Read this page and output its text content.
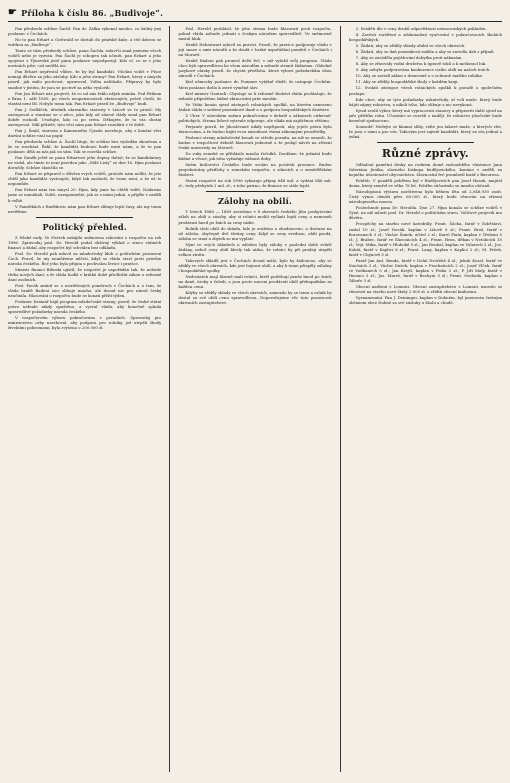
☛ Příloha k číslu 86. „Budivoje“.

Pan předseda schůze Šachl: Pan dr. Záťka vykonal mnoho, co žádný jiný poslanec v Čechách.

No to pan Erhart a Gottwald se dostali do pražské kaše, a též dobrou se vrátkou za „Budivoje“.

Tento se tázu předsedy schůze, pana Šachla, mluví-li snad jménem všech voličů nebo je vyzván. Pan Šachl je schopen tak učiniti, pan Erhart a jeho spojenci z Týnovská jistě pana poslance nepodporují. Kdo ví, co se v jeho novinách píše; což nedělá nic.

Pan Erhart nepřestal vůbec, že by byl kandidát. Všichni voliči v Písce nemají důvěru za jeho zásluhy. Kdo u jeho strany? Pan Erhart, který z úmyslu pravil, jak málo poctivost, upravoval. Volba nehlásila. Přípravy by bylo snadné v jistém, že jsou se poctivě za něho vyslovili.

Pan Jan Erhart nás projevil, že co od nás řeklo nějak zmínka. Pod Pátkem z Brna 1. září 1895, po všech neopatrnostech zkrácených, právě chvíli, že vlastní není lží. Nebylo tomu tak. Pan Erhart pravil že „Budivoje“ budí.

Pan J. Sedláček, úředník okresního starosty v Lišově se tu pravil: My zastupovat a staráme se o něco, jako kdy od slavné vlády snad pan Erhart dobře rozhodl. Uvažujte, kdo co po svém. Děkujete, že to vás chrání zastupovat. Milí přátelé, tyto věci nám pan Erhart rozebírá v té době.

Pan J. Šmíd, starosta z Kamenného Újezda navrhuje, aby z konání věci dnešní schůze vzal na papír.

Pan předseda schůze A. Šachl lituje, že schůze bez výsledku skončena a že se rozchází. Řekl, že kandidát budoucí bude mezi námi, a že to pan poslanec dělá za nás jak on sám. Tak se rozešla schůze.

Pan Daněk ještě se panu Erhartovi jeho dopisy doltal; že se kandidatury ne vzdal, ale tímto to není pravdou jako „Milé Listy“ ze dne 16. října poslanci doručily. Schůze skončila se.

Pan Erhart se připravil o důvěru svých voličů, protože nám nelíbí, že jste chtěl jako kandidát vystoupiti, když tak zaslouží, že tomu není, a že už to nepomůže.

Pan Erhart nám ten úmysl 20. října, kdy jsme ho chtěli vidět. Nadarmo jsme se namáhali. Voliči, nezapomeňte, jak se s námi jedná, a přijďte v neděli k volbě.

V Pamětkách z Buděňovic nám pan Erhart slibuje lepší časy, ale my tomu nevěříme.

Politický přehled.

Z říšské rady. Ve čtvrtek zahájila sněmovna rokování o rozpočtu na rok 1896. Zpravodaj posl. Dr. Herold podal obšírný výklad o stavu státních financí a žádal, aby rozpočet byl schválen bez odkladu.

Posl. Dr. Herold pak mluvil za mladočeský klub o politickém postavení Čech. Pravil, že my nemůžeme mlčeti, když se vláda staví proti právům národa českého. Řeč jeho byla přijata s pochvalou levice i pravice.

Ministr financí Bilinski ujistil, že rozpočet je uspořádán tak, že nebude třeba nových daní, a že vláda hodlá v krátké době předložiti zákon o reformě daní osobních.

Posl. Pacák zmínil se o neutěšených poměrech v Čechách a o tom, že vláda hrabě Badeni sice slibuje mnoho, ale dosud nic pro národ český neučinila. Hlasování o rozpočtu bude se konati příští týden.

Poslanec Kramář hájil program mladočeské strany; pravil, že české státní právo nebude nikdy opuštěno, a vyzval vládu, aby konečně splnila spravedlivé požadavky národa českého.

V rozpočtovém výboru pokračováno v poradách. Zpravodaj pro ministerstvo orby navrhoval, aby podpora pro rolníky, jež utrpěli škody živelními pohromami, byla zvýšena o 200.000 zl.

Posl. Herold prohlásil, že jeho strana bude hlasovati proti rozpočtu, pokud vláda nebude jednati s českým národem spravedlivě. Ve sněmovně nastal hluk.

Hrabě Hohenwart mluvil za pravici. Pravil, že pravice podporuje vládu v její snaze o smír národů a že doufá v brzké uspořádání poměrů v Čechách i na Moravě.

Hrabě Badeni pak pronesl delší řeč, v níž vyložil svůj program. Vláda chce býti spravedlivou ke všem národům a nebude stranit žádnému. Ohledně jazykové otázky pravil, že chystá předlohu, která vyhoví požadavkům obou národů v Čechách.

Kiel německý poslanec dr. Pommer vytýkal vládě, že ustupuje Čechům. Mezi poslanci došlo k ostré výměně slov.

Kiel ministr Gautsch: Chystaje se k reformě školství vláda prohlašuje, že nebude připuštěno žádné zkracování práv menšin.

Ve Vídni konán sjezd zástupců rolnických spolků, na kterém usneseno žádati vládu o snížení pozemkové daně a o podporu hospodářských družstev.

Z Uher. V uherském sněmu pokračováno v debatě o zákonech církevně-politických. Strana lidová vytrvale odporuje, ale vláda má zajištěnou většinu.

Ferjanče pravil, že Jihoslované nikdy nepřipustí, aby jejich práva byla zkracována, a že budou hájiti svou národnost všemi zákonnými prostředky.

Poslanci strany mladočeské konali ve středu poradu, na níž se usnesli, že budou v rozpočtové debatě hlasovati jednotně a že podají návrh na zřízení české univerzity na Moravě.

Do ruky zemské se přihlásilo mnoho řečníků. Doufáme, že jednání bude klidné a věcné, jak toho vyžaduje vážnost doby.

Sněm království Českého bude svolán na počátek prosince. Budou projednávány předlohy o zemském rozpočtu, o silnicích a o zemědělském školství.

Statní rozpočet na rok 1896 vykazuje příjmy 648 mil. a vydání 646 mil. zl., tedy přebytek 2 mil. zl.; z toho patrno, že finance se stále lepší.

Zálohy na obilí.

V letech 1888 — 1889 zavedeno v 8 okresích českého Jihu poskytování záloh na obilí a zásoby, aby si rolníci mohli vyčkati lepší ceny a nemuseli prodávati hned po žních za ceny nízké.

Rolník složí obilí do skladu, kde je zváženo a ohodnoceno, a dostane na ně zálohu, obyčejně dvě třetiny ceny. Když se ceny zvednou, obilí prodá, záloha se srazí a zbytek se mu vyplatí.

Nyní ve svých skladech u záložen byly zálohy v poslední době zvlášť žádány, neboť ceny obilí klesly tak nízko, že rolníci by při prodeji utrpěli velkou ztrátu.

Takových skladů jest v Čechách dosud málo; bylo by žádoucno, aby se zřídily ve všech okresích, kde jest hojnost obilí, a aby k tomu přispěly záložny i hospodářské spolky.

Nedostatek mají hlavně malí rolníci, kteří potřebují peněz hned po žních na daně, úroky a čeledi, a jsou proto nuceni prodávati obilí překupníkům za každou cenu.

Kdyby se zřídily sklady ve všech okresích, zamezilo by se tomu a rolník by dostal za své obilí cenu spravedlivou. Doporučujeme věc tuto pozornosti okresních zastupitelstev.

3. Sváděti dle v ceny druhů odpovědnost nemocenských pokladen.
4. Zavésti rozšíření a zdokonalení vyučování v pokračovacích školách hospodářských.
5. Žádati, aby se zřídily sklady obilní ve všech okresích.
6. Žádati, aby se daň pozemková snížila a aby se zavedla daň z příjmů.
7. Aby se zaváděla pojišťování dobytka proti nákazám.
8. Aby se zřizovaly vodní družstva k úpravě toků a k meliorací luk.
9. Aby nebyla podporována konkurence cizího obilí na našich trzích.
10. Aby se zavedl zákon o domovině a o ochraně malého rolníka.
11. Aby se zřídily hospodářské školy v každém kraji.
12. Svolati zástupce všech rolnických spolků k poradě o společném postupu.

Kdo chce, aby se tyto požadavky uskutečnily, ať volí muže, který bude hájiti zájmy rolnictva, a nikoli toho, kdo slibuje a nic nevykoná.

Sjezd zvolil výbor, který má vypracovati stanovy a připraviti další sjezd na jaře příštího roku. Účastníci se rozešli s nadějí, že rolnictvo jihočeské bude konečně sjednoceno.

Sousedé! Nedejte se klamat sliby, volte jen takové muže, o kterých víte, že jsou s vámi a pro vás. Takovým jest zajisté kandidát, který za vás jednal a jedná.

Různé zprávy.

Odhalení pamětní desky na rodném domě zasloužilého vlastence Jana Valeriána Jirsíka, slavného biskupa budějovického, konáno v neděli za hojného účastenství obyvatelstva. Slavnostní řeč promluvil farář z Bavorova.

Pohřeb. V pondělí pohřben byl v Budějovicích pan Josef Hasek, majitel domu, který zemřel ve věku 78 let. Pohřbu súčastnilo se mnoho občanů.

Národopisná výstava navštívena byla během léta od 2,048.930 osob. Čistý výnos obnáší přes 60.000 zl., který bude věnován na zřízení národopisného musea.

Poslechnutí pana Dr. Herolda. Dne 27. října konala se schůze voličů v Týně, na níž mluvil posl. Dr. Herold o politickém stavu. Voličové projevili mu důvěru.

Prospěchy na stavbu nové katedrály. Frant. Šácha, farář v Soběslavi, zaslal 10 zl.; Josef Novák, kaplan v Lišově 5 zl.; Frant. Brož, farář v Borovanech 3 zl.; Václav Šimek, učitel 2 zl.; Karel Fiala, kaplan v Třeboni 5 zl.; J. Brabec, farář ve Slavonicích 4 zl.; Frant. Hron, děkan v Netolicích 10 zl.; Vojt. Mika, farář v Hluboké 5 zl.; Jan Roubal, kaplan ve Volarech 2 zl.; Jos. Kubát, farář v Kaplici 6 zl.; Frant. Lang, kaplan v Kaplici 2 zl.; M. Pešek, farář v Chýnově 5 zl.

Farář Jan Ant. Benda, farář v Dolní Dvořiště 4 zl.; Jakub Kozel, farář ve Stachách 3 zl.; Václav Dušek, kaplan v Prachaticích 2 zl.; Josef Vlček, farář ve Vodňanech 5 zl.; Jan Krejčí, kaplan v Písku 2 zl.; P. Jiří Malý, farář v Husinci 3 zl.; Jos. Mareš, farář v Bechyni 5 zl.; Frant. Svoboda, kaplan v Táboře 3 zl.

Obecní nadšení v Lomnici. Obecní zastupitelstvo v Lomnici usneslo se věnovati na stavbu nové školy 2.000 zl. a zříditi obecní knihovnu.

Vyznamenání. Pan J. Deininger, kaplan v Dubném, byl jmenován čestným občanem obce Dubné za své zásluhy o školu a chudé.
